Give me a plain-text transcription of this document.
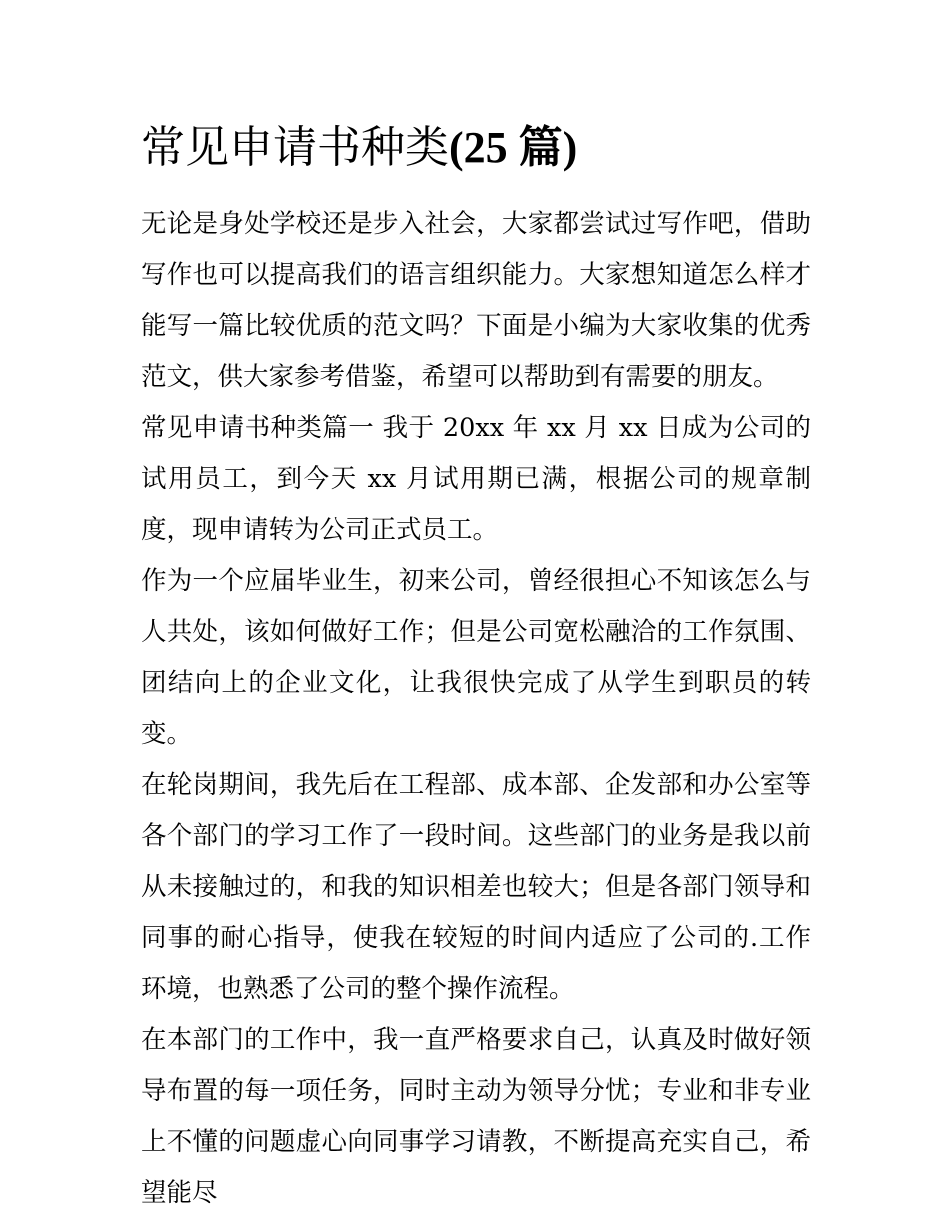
常见申请书种类(25 篇)

无论是身处学校还是步入社会，大家都尝试过写作吧，借助写作也可以提高我们的语言组织能力。大家想知道怎么样才能写一篇比较优质的范文吗？下面是小编为大家收集的优秀范文，供大家参考借鉴，希望可以帮助到有需要的朋友。

常见申请书种类篇一 我于 20xx 年 xx 月 xx 日成为公司的试用员工，到今天 xx 月试用期已满，根据公司的规章制度，现申请转为公司正式员工。

作为一个应届毕业生，初来公司，曾经很担心不知该怎么与人共处，该如何做好工作；但是公司宽松融洽的工作氛围、团结向上的企业文化，让我很快完成了从学生到职员的转变。

在轮岗期间，我先后在工程部、成本部、企发部和办公室等各个部门的学习工作了一段时间。这些部门的业务是我以前从未接触过的，和我的知识相差也较大；但是各部门领导和同事的耐心指导，使我在较短的时间内适应了公司的.工作环境，也熟悉了公司的整个操作流程。

在本部门的工作中，我一直严格要求自己，认真及时做好领导布置的每一项任务，同时主动为领导分忧；专业和非专业上不懂的问题虚心向同事学习请教，不断提高充实自己，希望能尽
